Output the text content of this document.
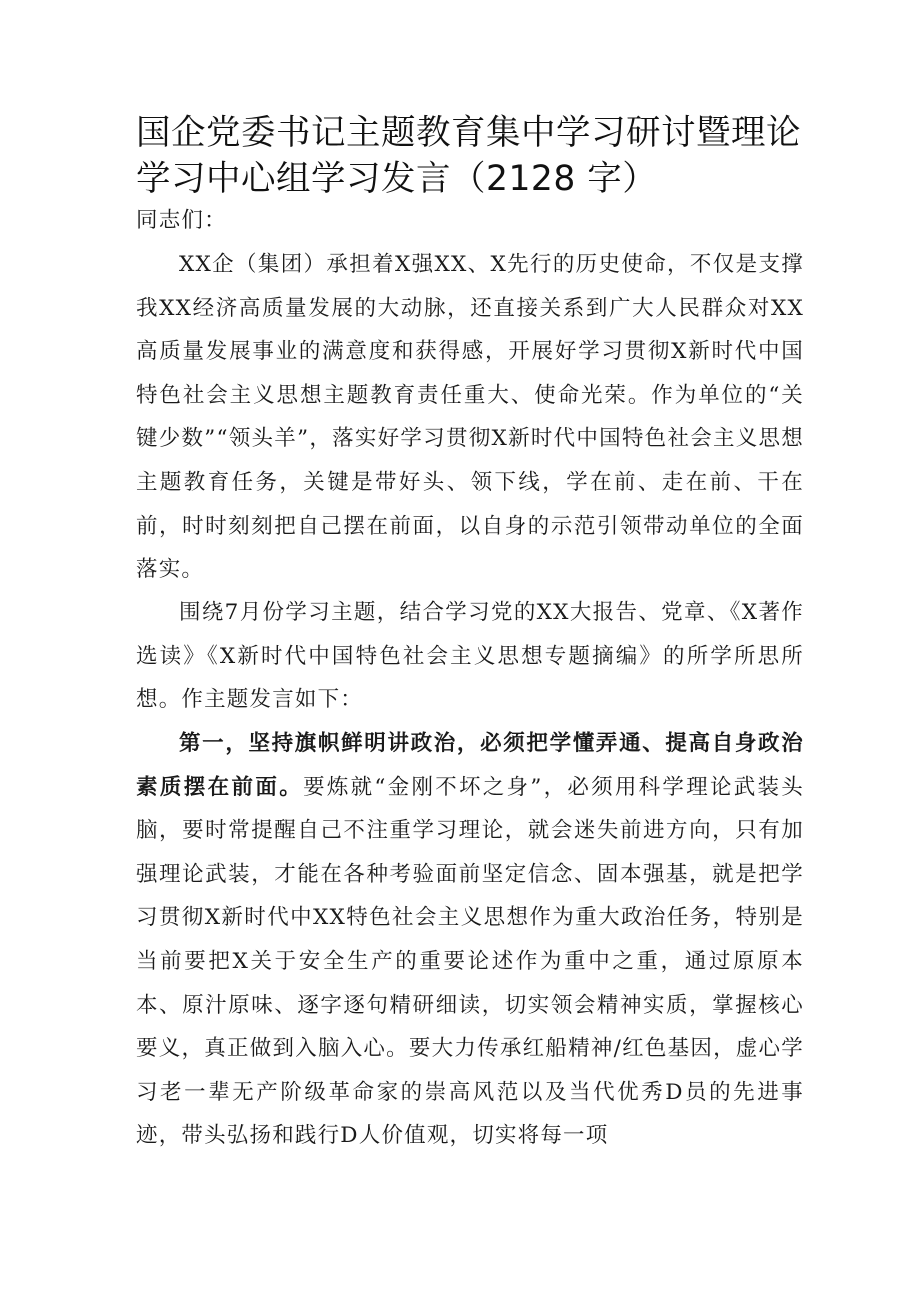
国企党委书记主题教育集中学习研讨暨理论
学习中心组学习发言（2128 字）

同志们：

XX企（集团）承担着X强XX、X先行的历史使命，不仅是支撑我XX经济高质量发展的大动脉，还直接关系到广大人民群众对XX高质量发展事业的满意度和获得感，开展好学习贯彻X新时代中国特色社会主义思想主题教育责任重大、使命光荣。作为单位的“关键少数”“领头羊”，落实好学习贯彻X新时代中国特色社会主义思想主题教育任务，关键是带好头、领下线，学在前、走在前、干在前，时时刻刻把自己摆在前面，以自身的示范引领带动单位的全面落实。

围绕7月份学习主题，结合学习党的XX大报告、党章、《X著作选读》《X新时代中国特色社会主义思想专题摘编》的所学所思所想。作主题发言如下：

第一，坚持旗帜鲜明讲政治，必须把学懂弄通、提高自身政治素质摆在前面。要炼就“金刚不坏之身”，必须用科学理论武装头脑，要时常提醒自己不注重学习理论，就会迷失前进方向，只有加强理论武装，才能在各种考验面前坚定信念、固本强基，就是把学习贯彻X新时代中XX特色社会主义思想作为重大政治任务，特别是当前要把X关于安全生产的重要论述作为重中之重，通过原原本本、原汁原味、逐字逐句精研细读，切实领会精神实质，掌握核心要义，真正做到入脑入心。要大力传承红船精神/红色基因，虚心学习老一辈无产阶级革命家的崇高风范以及当代优秀D员的先进事迹，带头弘扬和践行D人价值观，切实将每一项
